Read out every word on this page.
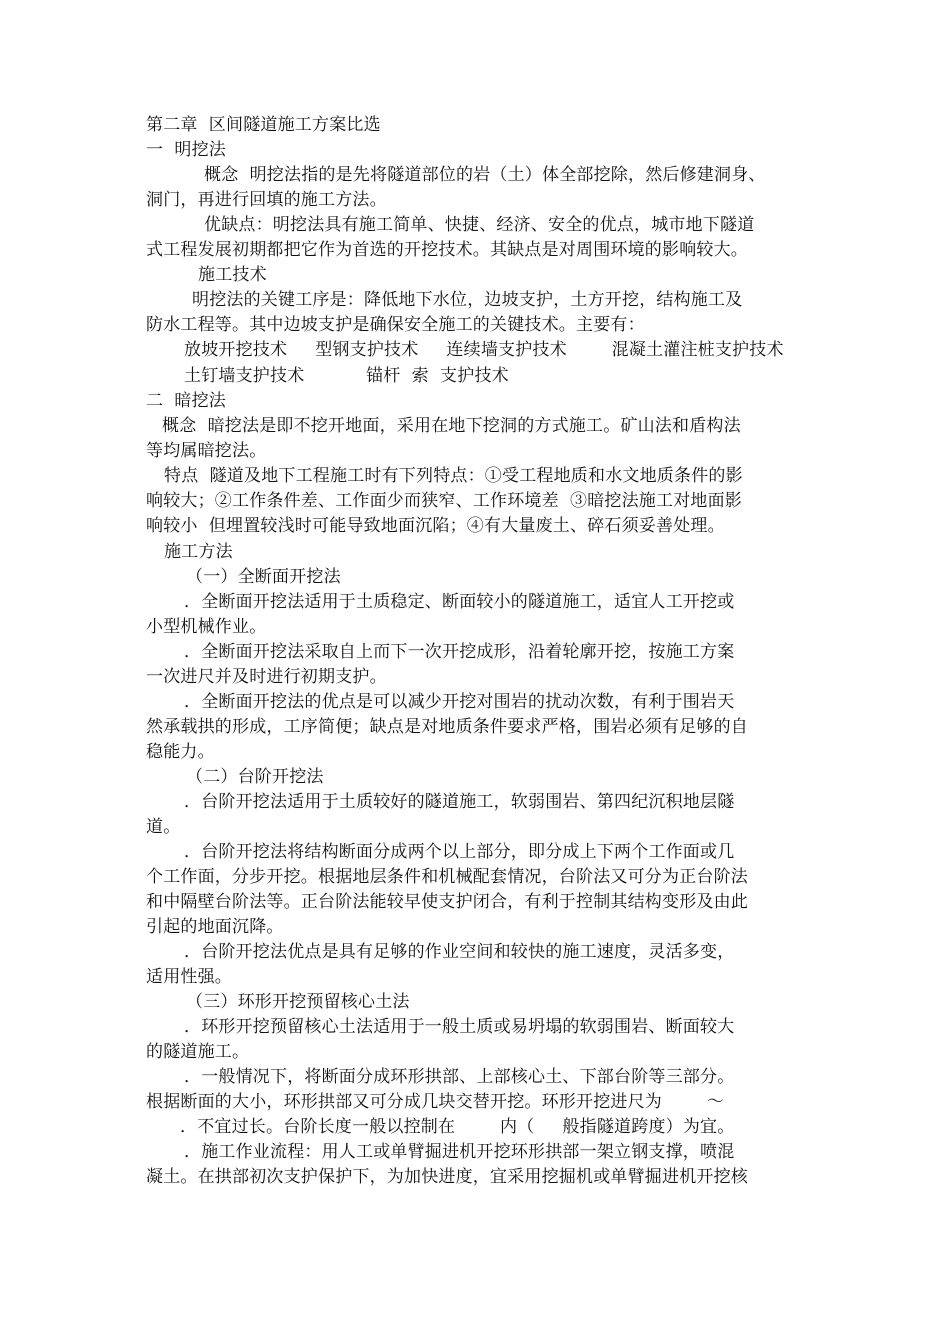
第二章  区间隧道施工方案比选
一  明挖法
概念  明挖法指的是先将隧道部位的岩（土）体全部挖除，然后修建洞身、
洞门，再进行回填的施工方法。
优缺点：明挖法具有施工简单、快捷、经济、安全的优点，城市地下隧道
式工程发展初期都把它作为首选的开挖技术。其缺点是对周围环境的影响较大。
施工技术
明挖法的关键工序是：降低地下水位，边坡支护，土方开挖，结构施工及
防水工程等。其中边坡支护是确保安全施工的关键技术。主要有：
放坡开挖技术     型钢支护技术     连续墙支护技术        混凝土灌注桩支护技术
土钉墙支护技术           锚杆  索  支护技术
二  暗挖法
概念  暗挖法是即不挖开地面，采用在地下挖洞的方式施工。矿山法和盾构法
等均属暗挖法。
特点  隧道及地下工程施工时有下列特点：①受工程地质和水文地质条件的影
响较大；②工作条件差、工作面少而狭窄、工作环境差  ③暗挖法施工对地面影
响较小  但埋置较浅时可能导致地面沉陷；④有大量废土、碎石须妥善处理。
施工方法
（一）全断面开挖法
．全断面开挖法适用于土质稳定、断面较小的隧道施工，适宜人工开挖或
小型机械作业。
．全断面开挖法采取自上而下一次开挖成形，沿着轮廓开挖，按施工方案
一次进尺并及时进行初期支护。
．全断面开挖法的优点是可以减少开挖对围岩的扰动次数，有利于围岩天
然承载拱的形成，工序简便；缺点是对地质条件要求严格，围岩必须有足够的自
稳能力。
（二）台阶开挖法
．台阶开挖法适用于土质较好的隧道施工，软弱围岩、第四纪沉积地层隧
道。
．台阶开挖法将结构断面分成两个以上部分，即分成上下两个工作面或几
个工作面，分步开挖。根据地层条件和机械配套情况，台阶法又可分为正台阶法
和中隔壁台阶法等。正台阶法能较早使支护闭合，有利于控制其结构变形及由此
引起的地面沉降。
．台阶开挖法优点是具有足够的作业空间和较快的施工速度，灵活多变，
适用性强。
（三）环形开挖预留核心土法
．环形开挖预留核心土法适用于一般土质或易坍塌的软弱围岩、断面较大
的隧道施工。
．一般情况下，将断面分成环形拱部、上部核心土、下部台阶等三部分。
根据断面的大小，环形拱部又可分成几块交替开挖。环形开挖进尺为        ～
．不宜过长。台阶长度一般以控制在        内（     般指隧道跨度）为宜。
．施工作业流程：用人工或单臂掘进机开挖环形拱部一架立钢支撑，喷混
凝土。在拱部初次支护保护下，为加快进度，宜采用挖掘机或单臂掘进机开挖核
